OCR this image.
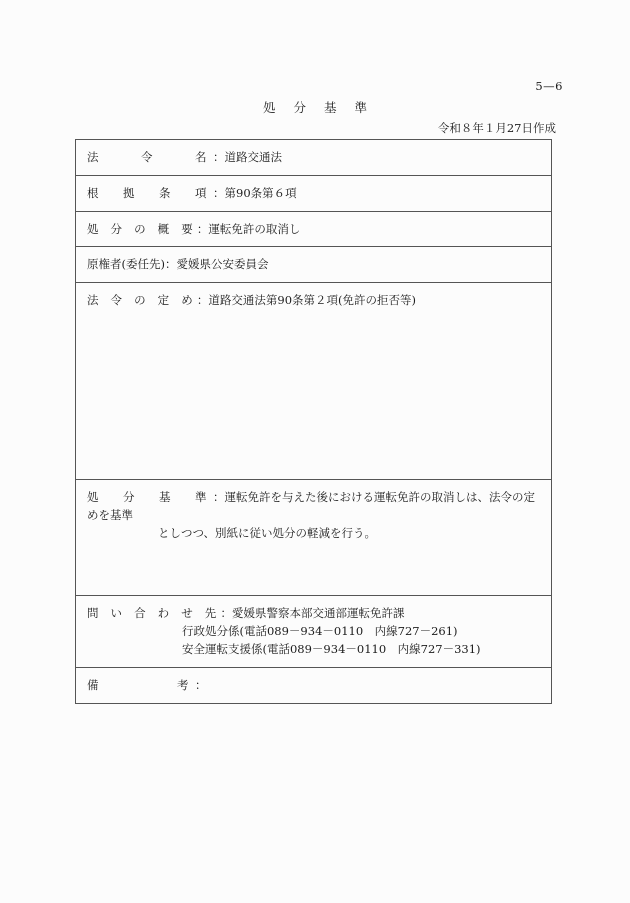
5—6
処 分 基 準
令和８年１月27日作成
法　　令　　名：道路交通法

根　拠　条　項：第90条第６項

処 分 の 概 要：運転免許の取消し

原権者(委任先)：愛媛県公安委員会

法 令 の 定 め：道路交通法第90条第２項(免許の拒否等)

処　分　基　準：運転免許を与えた後における運転免許の取消しは、法令の定めを基準
としつつ、別紙に従い処分の軽減を行う。

問 い 合 わ せ 先：愛媛県警察本部交通部運転免許課
行政処分係(電話089－934－0110　内線727－261)
安全運転支援係(電話089－934－0110　内線727－331)

備　　　　考：
